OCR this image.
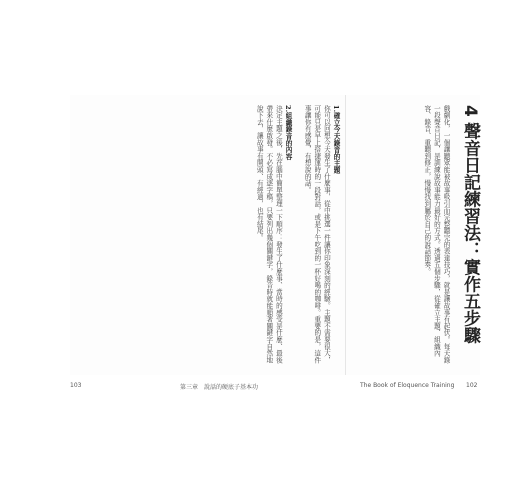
1.確立今天錄音的主題
你可以回想今天發生了什麼事，從中挑選一件讓你印象深刻的經驗。主題不需要很大，可能只是早上搭捷運時的一段對話，或是下午吃到的一杯好喝的咖啡。重要的是，這件事讓你有感覺，有想說的話。

2.組織錄音的內容
決定主題之後，先在腦中簡單整理一下順序：發生了什麼事、當時的感受是什麼、最後帶來什麼啟發。不必寫成逐字稿，只要列出幾個關鍵字，錄音時就能順著關鍵字自然地說下去，讓故事有開頭、有經過，也有結尾。	4 聲音日記練習法：實作五步驟
戲劇化，一個讓聽眾能被故事吸引而完整聽完的表達技巧，就是讓故事有起伏。每天錄一段聲音日記，是訓練說故事能力最好的方式。透過五個步驟，從確立主題、組織內容、錄音、重聽到修正，慢慢找到屬於自己的說話節奏。
103	第三章　說話的硬底子基本功	The Book of Eloquence Training 102
